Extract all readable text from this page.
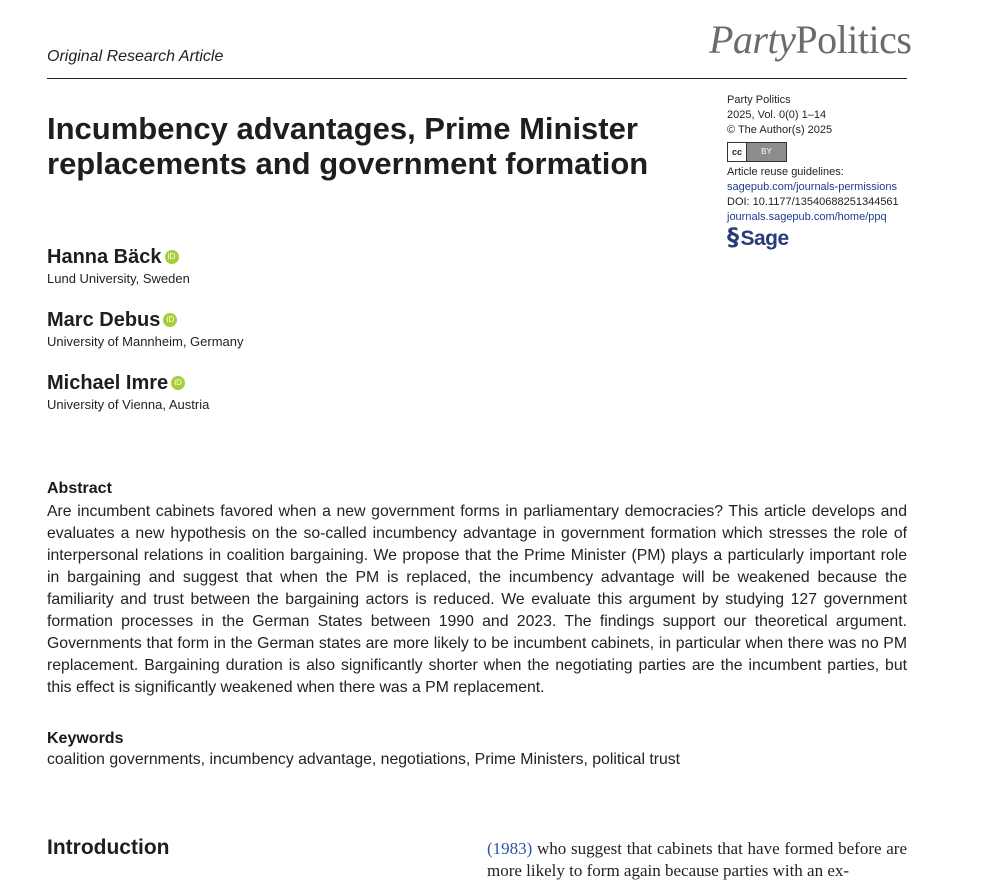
Original Research Article	PartyPolitics
Incumbency advantages, Prime Minister replacements and government formation
Hanna Bäck iD
Lund University, Sweden
Marc Debus iD
University of Mannheim, Germany
Michael Imre iD
University of Vienna, Austria
Party Politics
2025, Vol. 0(0) 1–14
© The Author(s) 2025
cc	BY
Article reuse guidelines:
sagepub.com/journals-permissions
DOI: 10.1177/13540688251344561
journals.sagepub.com/home/ppq
§Sage
Abstract
Are incumbent cabinets favored when a new government forms in parliamentary democracies? This article develops and evaluates a new hypothesis on the so-called incumbency advantage in government formation which stresses the role of interpersonal relations in coalition bargaining. We propose that the Prime Minister (PM) plays a particularly important role in bargaining and suggest that when the PM is replaced, the incumbency advantage will be weakened because the familiarity and trust between the bargaining actors is reduced. We evaluate this argument by studying 127 government formation processes in the German States between 1990 and 2023. The findings support our theoretical argument. Governments that form in the German states are more likely to be incumbent cabinets, in particular when there was no PM replacement. Bargaining duration is also significantly shorter when the negotiating parties are the incumbent parties, but this effect is significantly weakened when there was a PM replacement.
Keywords
coalition governments, incumbency advantage, negotiations, Prime Ministers, political trust
Introduction	(1983) who suggest that cabinets that have formed before are more likely to form again because parties with an ex-
